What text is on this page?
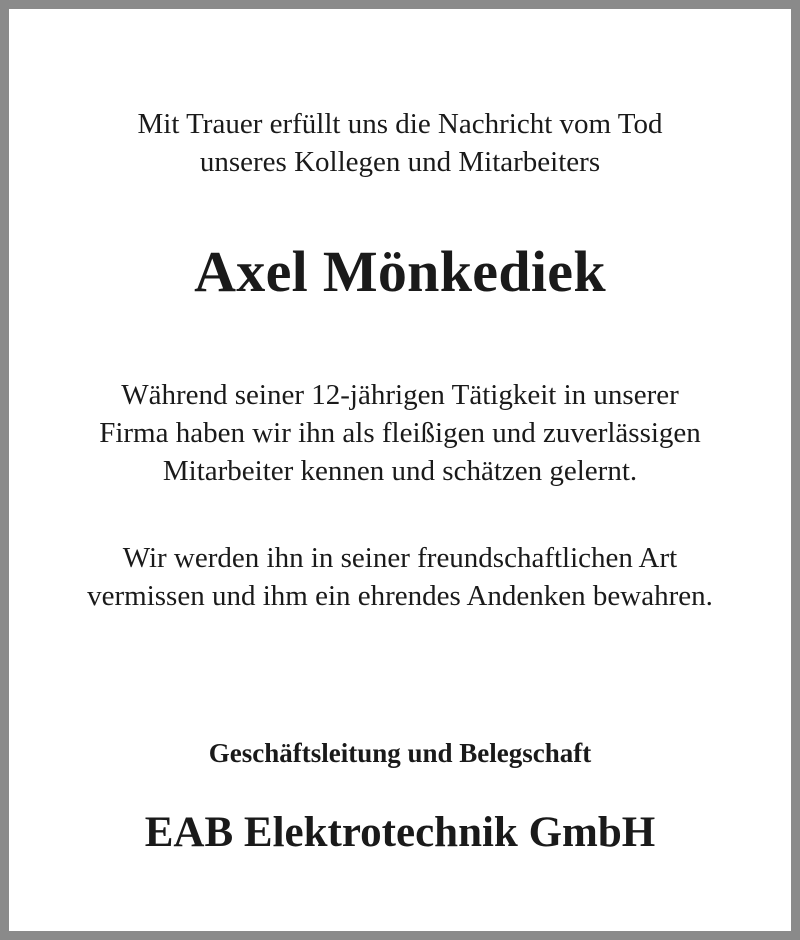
Mit Trauer erfüllt uns die Nachricht vom Tod
unseres Kollegen und Mitarbeiters
Axel Mönkediek
Während seiner 12-jährigen Tätigkeit in unserer
Firma haben wir ihn als fleißigen und zuverlässigen
Mitarbeiter kennen und schätzen gelernt.
Wir werden ihn in seiner freundschaftlichen Art
vermissen und ihm ein ehrendes Andenken bewahren.
Geschäftsleitung und Belegschaft
EAB Elektrotechnik GmbH
